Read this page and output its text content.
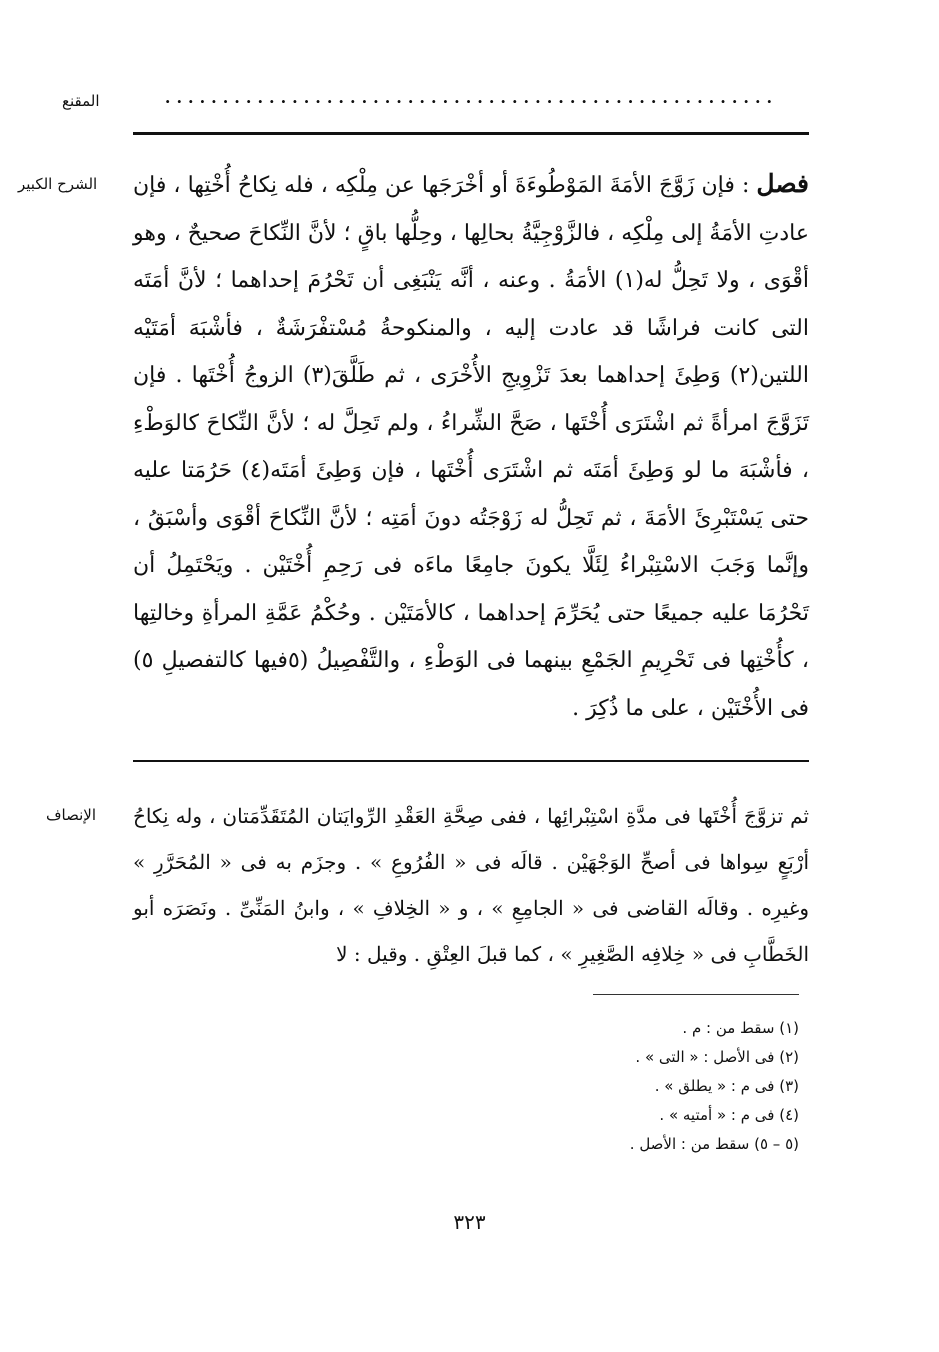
المقنع	.....................................................
الشرح الكبير	فصل : فإن زَوَّجَ الأمَةَ المَوْطُوءَةَ أو أخْرَجَها عن مِلْكِه ، فله نِكاحُ أُخْتِها ، فإن عادتِ الأمَةُ إلى مِلْكِه ، فالزَّوْجِيَّةُ بحالِها ، وحِلُّها باقٍ ؛ لأنَّ النِّكاحَ صحيحٌ ، وهو أقْوَى ، ولا تَحِلُّ له(١) الأمَةُ . وعنه ، أنَّه يَنْبَغِى أن تَحْرُمَ إحداهما ؛ لأنَّ أمَتَه التى كانت فراشًا قد عادت إليه ، والمنكوحةُ مُسْتفْرَشَةٌ ، فأشْبَهَ أمَتَيْه اللتين(٢) وَطِئَ إحداهما بعدَ تَزْوِيجِ الأُخْرَى ، ثم طَلَّقَ(٣) الزوجُ أُخْتَها . فإن تَزَوَّجَ امرأةً ثم اشْتَرَى أُخْتَها ، صَحَّ الشِّراءُ ، ولم تَحِلَّ له ؛ لأنَّ النِّكاحَ كالوَطْءِ ، فأشْبَهَ ما لو وَطِئَ أمَتَه ثم اشْتَرَى أُخْتَها ، فإن وَطِئَ أمَتَه(٤) حَرُمَتا عليه حتى يَسْتَبْرِئَ الأمَةَ ، ثم تَحِلُّ له زَوْجَتُه دونَ أمَتِه ؛ لأنَّ النِّكاحَ أقْوَى وأسْبَقُ ، وإنَّما وَجَبَ الاسْتِبْراءُ لِئَلَّا يكونَ جامِعًا ماءَه فى رَحِمِ أُخْتَيْن . ويَحْتَمِلُ أن تَحْرُمَا عليه جميعًا حتى يُحَرِّمَ إحداهما ، كالأمَتَيْن . وحُكْمُ عَمَّةِ المرأةِ وخالتِها ، كأُخْتِها فى تَحْرِيمِ الجَمْعِ بينهما فى الوَطْءِ ، والتَّفْصِيلُ (٥فيها كالتفصيلِ ٥) فى الأُخْتَيْن ، على ما ذُكِرَ .
الإنصاف ثم تزوَّجَ أُخْتَها فى مدَّةِ اسْتِبْرائِها ، ففى صِحَّةِ العَقْدِ الرِّوايَتان المُتَقَدِّمَتان ، وله نِكاحُ أرْبَعٍ سِواها فى أصحِّ الوَجْهَيْن . قالَه فى « الفُرُوعِ » . وجزَم به فى « المُحَرَّرِ » وغيرِه . وقالَه القاضى فى « الجامِعِ » ، و « الخِلافِ » ، وابنُ المَنِّىِّ . ونَصَرَه أبو الخَطَّابِ فى « خِلافِه الصَّغِيرِ » ، كما قبلَ العِتْقِ . وقيل : لا
(١) سقط من : م .
(٢) فى الأصل : « التى » .
(٣) فى م : « يطلق » .
(٤) فى م : « أمتيه » .
(٥ – ٥) سقط من : الأصل .
٣٢٣
